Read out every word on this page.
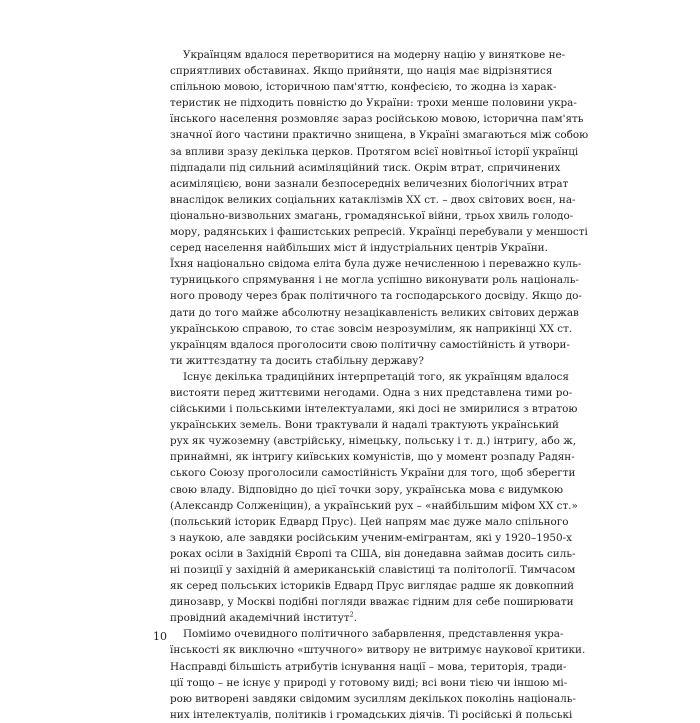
Українцям вдалося перетворитися на модерну націю у виняткове не-
сприятливих обставинах. Якщо прийняти, що нація має відрізнятися
спільною мовою, історичною пам'яттю, конфесією, то жодна із харак-
теристик не підходить повністю до України: трохи менше половини укра-
їнського населення розмовляє зараз російською мовою, історична пам'ять
значної його частини практично знищена, в Україні змагаються між собою
за впливи зразу декілька церков. Протягом всієї новітньої історії українці
підпадали під сильний асиміляційний тиск. Окрім втрат, спричинених
асиміляцією, вони зазнали безпосередніх величезних біологічних втрат
внаслідок великих соціальних катаклізмів XX ст. – двох світових воєн, на-
ціонально-визвольних змагань, громадянської війни, трьох хвиль голодо-
мору, радянських і фашистських репресій. Українці перебували у меншості
серед населення найбільших міст й індустріальних центрів України.
Їхня національно свідома еліта була дуже нечисленною і переважно куль-
турницького спрямування і не могла успішно виконувати роль національ-
ного проводу через брак політичного та господарського досвіду. Якщо до-
дати до того майже абсолютну незацікавленість великих світових держав
українською справою, то стає зовсім незрозумілим, як наприкінці XX ст.
українцям вдалося проголосити свою політичну самостійність й утвори-
ти життєздатну та досить стабільну державу?

Існує декілька традиційних інтерпретацій того, як українцям вдалося
вистояти перед життєвими негодами. Одна з них представлена тими ро-
сійськими і польськими інтелектуалами, які досі не змирилися з втратою
українських земель. Вони трактували й надалі трактують український
рух як чужоземну (австрійську, німецьку, польську і т. д.) інтригу, або ж,
принаймні, як інтригу київських комуністів, що у момент розпаду Радян-
ського Союзу проголосили самостійність України для того, щоб зберегти
свою владу. Відповідно до цієї точки зору, українська мова є видумкою
(Александр Солженіцин), а український рух – «найбільшим міфом XX ст.»
(польський історик Едвард Прус). Цей напрям має дуже мало спільного
з наукою, але завдяки російським ученим-емігрантам, які у 1920–1950-х
роках осіли в Західній Європі та США, він донедавна займав досить силь-
ні позиції у західній й американській славістиці та політології. Тимчасом
як серед польських істориків Едвард Прус виглядає радше як довкопний
динозавр, у Москві подібні погляди вважає гідним для себе поширювати
провідний академічний інститут$^2$.

Поміимо очевидного політичного забарвлення, представлення укра-
їнськості як виключно «штучного» витвору не витримує наукової критики.
Насправді більшість атрибутів існування нації – мова, територія, тради-
ції тощо – не існує у природі у готовому виді; всі вони тією чи іншою мі-
рою витворені завдяки свідомим зусиллям декількох поколінь національ-
них інтелектуалів, політиків і громадських діячів. Ті російські й польські

10
